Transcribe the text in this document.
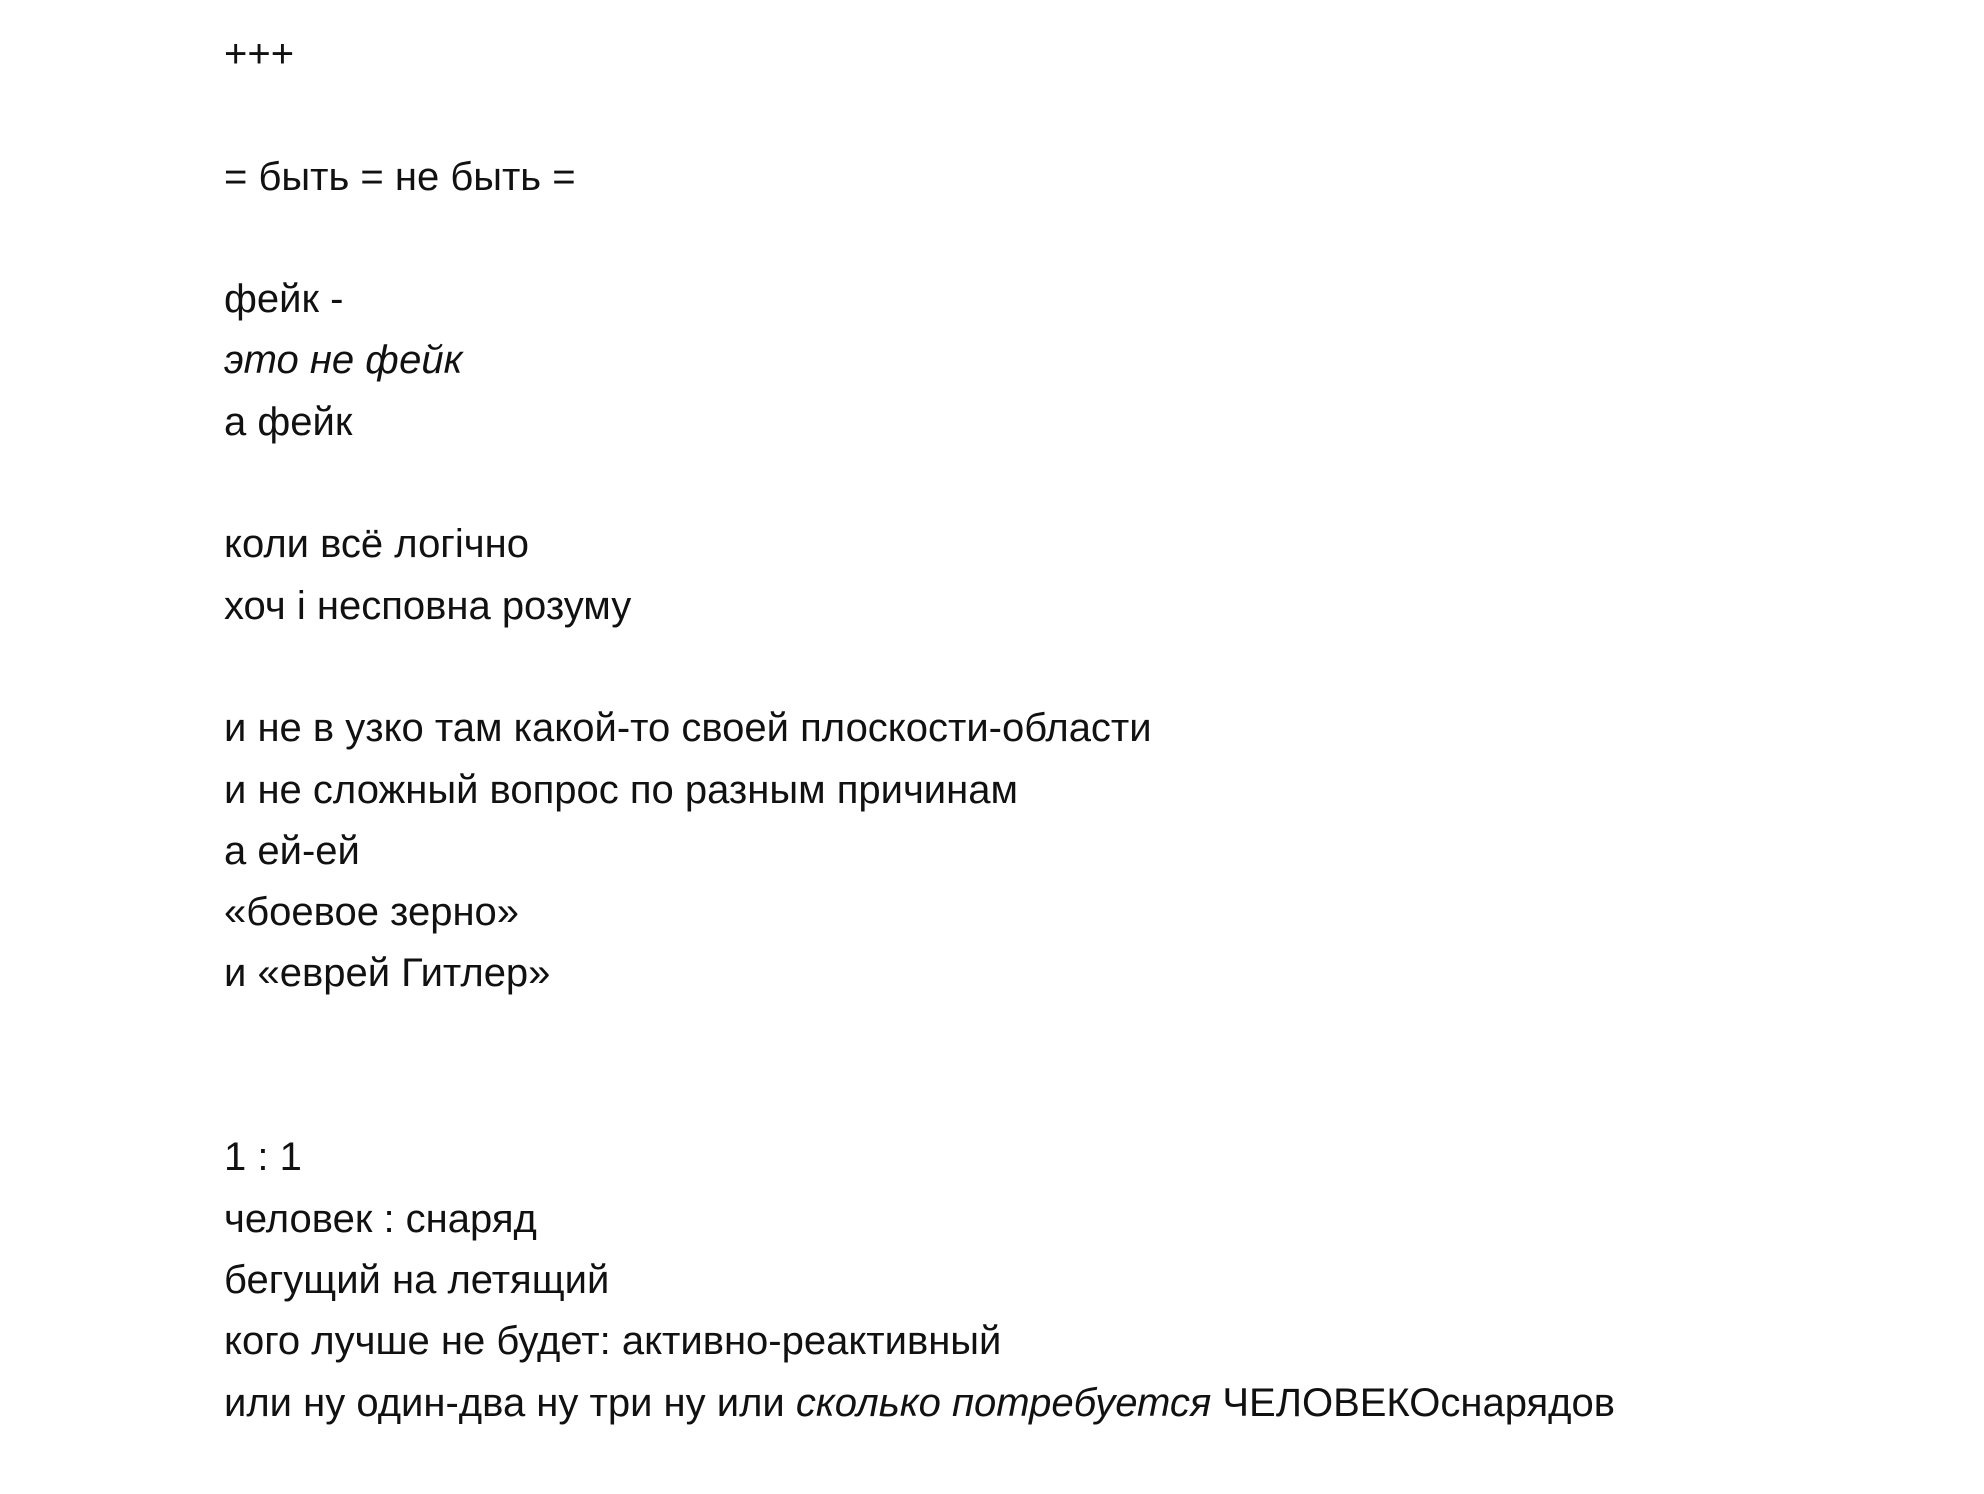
+++

= быть = не быть =

фейк -

это не фейк

а фейк

коли всё логічно

хоч і несповна розуму

и не в узко там какой-то своей плоскости-области

и не сложный вопрос по разным причинам

а ей-ей

«боевое зерно»

и «еврей Гитлер»

1 : 1

человек : снаряд

бегущий на летящий

кого лучше не будет: активно-реактивный

или ну один-два ну три ну или сколько потребуется ЧЕЛОВЕКОснарядов
